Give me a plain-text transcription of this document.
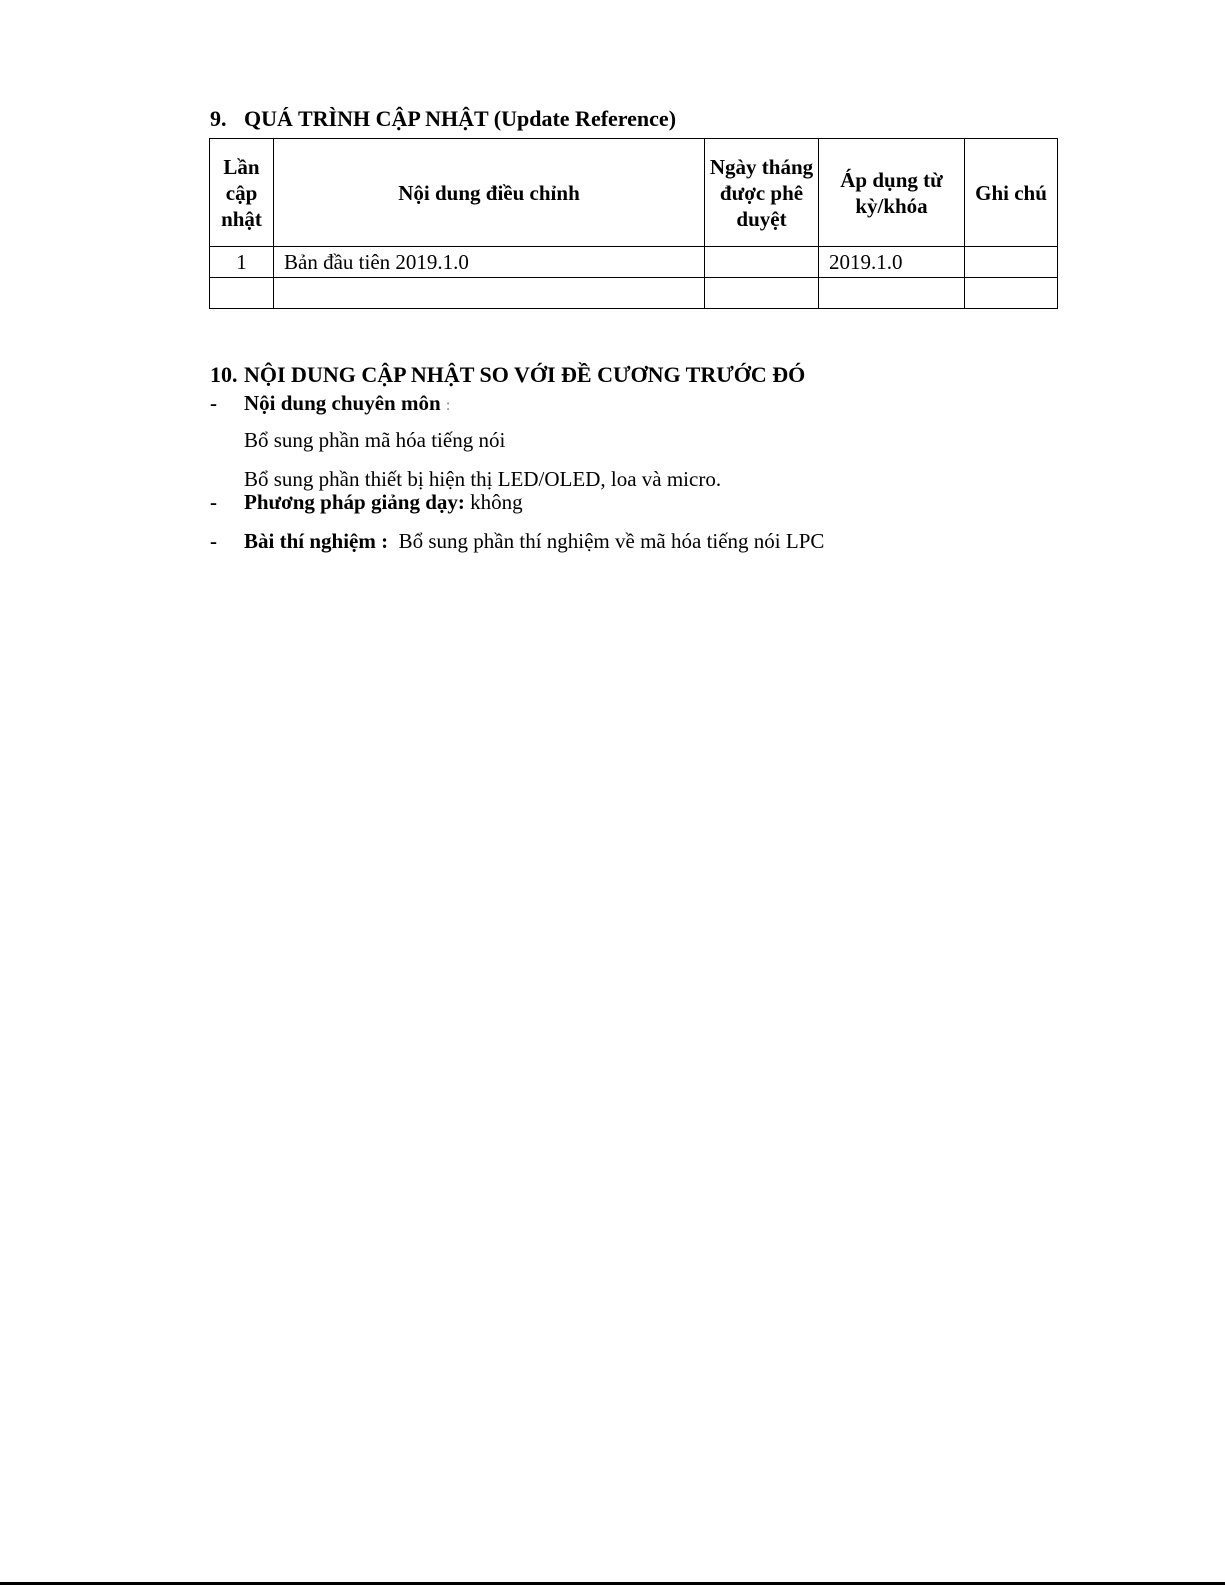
9. QUÁ TRÌNH CẬP NHẬT (Update Reference)
Lần cập nhật	Nội dung điều chỉnh	Ngày tháng được phê duyệt	Áp dụng từ kỳ/khóa	Ghi chú
1	Bản đầu tiên 2019.1.0		2019.1.0	

10. NỘI DUNG CẬP NHẬT SO VỚI ĐỀ CƯƠNG TRƯỚC ĐÓ
- Nội dung chuyên môn :
Bổ sung phần mã hóa tiếng nói
Bổ sung phần thiết bị hiện thị LED/OLED, loa và micro.
- Phương pháp giảng dạy: không
- Bài thí nghiệm : Bổ sung phần thí nghiệm về mã hóa tiếng nói LPC
